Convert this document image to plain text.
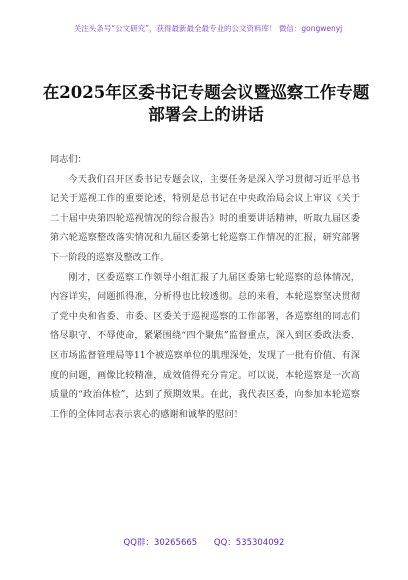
关注头条号“公文研究”，获得最新最全最专业的公文资料库！ 微信：gongwenyj
在2025年区委书记专题会议暨巡察工作专题部署会上的讲话

同志们：

今天我们召开区委书记专题会议，主要任务是深入学习贯彻习近平总书记关于巡视工作的重要论述，特别是总书记在中央政治局会议上审议《关于二十届中央第四轮巡视情况的综合报告》时的重要讲话精神，听取九届区委第六轮巡察整改落实情况和九届区委第七轮巡察工作情况的汇报，研究部署下一阶段的巡察及整改工作。

刚才，区委巡察工作领导小组汇报了九届区委第七轮巡察的总体情况，内容详实，问题抓得准，分析得也比较透彻。总的来看，本轮巡察坚决贯彻了党中央和省委、市委、区委关于巡视巡察的工作部署，各巡察组的同志们恪尽职守、不辱使命，紧紧围绕“四个聚焦”监督重点，深入到区委政法委、区市场监督管理局等11个被巡察单位的肌理深处，发现了一批有价值、有深度的问题，画像比较精准，成效值得充分肯定。可以说，本轮巡察是一次高质量的“政治体检”，达到了预期效果。在此，我代表区委，向参加本轮巡察工作的全体同志表示衷心的感谢和诚挚的慰问！

QQ群：30265665 QQ：535304092
